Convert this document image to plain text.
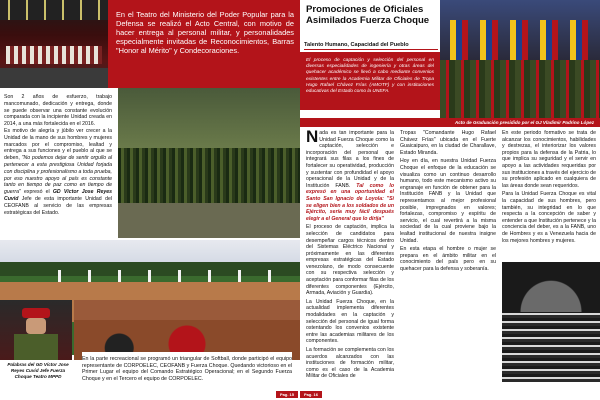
En el Teatro del Ministerio del Poder Popular para la Defensa se realizó el Acto Central, con motivo de hacer entrega al personal militar, y personalidades especialmente invitadas de Reconocimientos, Barras "Honor al Mérito" y Condecoraciones.
Son 2 años de esfuerzo, trabajo mancomunado, dedicación y entrega, donde se puede observar una constante evolución comparada con la incipiente Unidad creada en 2014, a una más fortalecida en el 2016.
Es motivo de alegría y júbilo ver crecer a la Unidad de la mano de sus hombres y mujeres marcados por el compromiso, lealtad y entrega a sus funciones y el pueblo al que se deben, "No podemos dejar de sentir orgullo al pertenecer a esta prestigiosa Unidad forjada con disciplina y profesionalismo a toda prueba, por eso nuestro apoyo al país es constante tanto en tiempo de paz como en tiempo de guerra" expresó el GD Víctor Jose Reyes Cuvid Jefe de esta importante Unidad del CEOFANB al servicio de las empresas estratégicas del Estado.
Palabras del GD Víctor Jose Reyes Cuvid Jefe Fuerza Choque Teatro MPPD
En la parte recreacional se programó un triangular de Softball, donde participó el equipo representante de CORPOELEC, CEOFANB y Fuerza Choque. Quedando victorioso en el Primer Lugar el equipo del Comando Estratégico Operacional; en el Segundo Fuerza Choque y en el Tercero el equipo de CORPOELEC.
Pag. 15
Promociones de Oficiales Asimilados Fuerza Choque
Talento Humano, Capacidad del Pueblo
El proceso de captación y selección del personal en diversas especialidades de ingeniería y otras áreas del quehacer académico se llevó a cabo mediante convenios existentes entre la Academia Militar de Oficiales de Tropa Hugo Rafael Chávez Frías (AMOTF) y con instituciones educativas del Estado como la UNEFA.
Acto de Graduación presidido por el GJ Vladimir Padrino López

Nada es tan importante para la Unidad Fuerza Choque como la captación, selección e incorporación del personal que integrará sus filas a los fines de fortalecer su operatividad, producción y sustentar con profundidad el apoyo operacional de la Unidad y de la Institución FANB. Tal como lo expresó en una oportunidad el Santo San Ignacio de Loyola: "Si se eligen bien a los soldados de un Ejército, sería muy fácil después elegir a el General que lo dirija"

El proceso de captación, implica la selección de candidatos para desempeñar cargos técnicos dentro del Sistemas Eléctrico Nacional y próximamente en las diferentes empresas estratégicas del Estado venezolano, de modo consecuente con su respectiva selección y aceptación para conformar filas de los diferentes componentes (Ejército, Armada, Aviación y Guardia).

La Unidad Fuerza Choque, en la actualidad implementa diferentes modalidades en la captación y selección del personal de igual forma ostentando los convenios existente entre las academias militares de los componentes.

La formación se complementa con los acuerdos alcanzados con las instituciones de formación militar, como es el caso de la Academia Militar de Oficiales de

Tropas "Comandante Hugo Rafael Chávez Frías" ubicada en el Fuerte Guaicaipuro, en la ciudad de Charallave, Estado Miranda.

Hoy en día, en nuestra Unidad Fuerza Choque el enfoque de la educación se visualiza como un continuo desarrollo humano, todo este mecanismo activo su engranaje en función de obtener para la Institución FANB y la Unidad que representamos al mejor profesional posible, impregnados en valores; fortalezas, compromiso y espíritu de servicio, el cual revertirá a la misma sociedad de la cual proviene bajo la lealtad institucional de nuestra insigne Unidad.

En esta etapa el hombre o mujer se prepara en el ámbito militar en el conocimiento del país pero en su quehacer para la defensa y soberanía.

En este periodo formativo se trata de alcanzar los conocimientos, habilidades y destrezas, el interiorizar los valores propios para la defensa de la Patria, lo que implica su seguridad y el servir en apoyo a las actividades requeridas por sus instituciones a través del ejercicio de su profesión aplicado en cualquiera de las áreas donde sean requeridos.

Para la Unidad Fuerza Choque es vital la capacidad de sus hombres, pero también, su integridad en lo que respecta a la concepción de saber y entender a que Institución pertenece y la conciencia del deber, es a la FANB, uno de Hombres y es a Venezuela hacia de los mejores hombres y mujeres.

Juramentación de la II Promoción Fuerza Choque
Pag. 16
